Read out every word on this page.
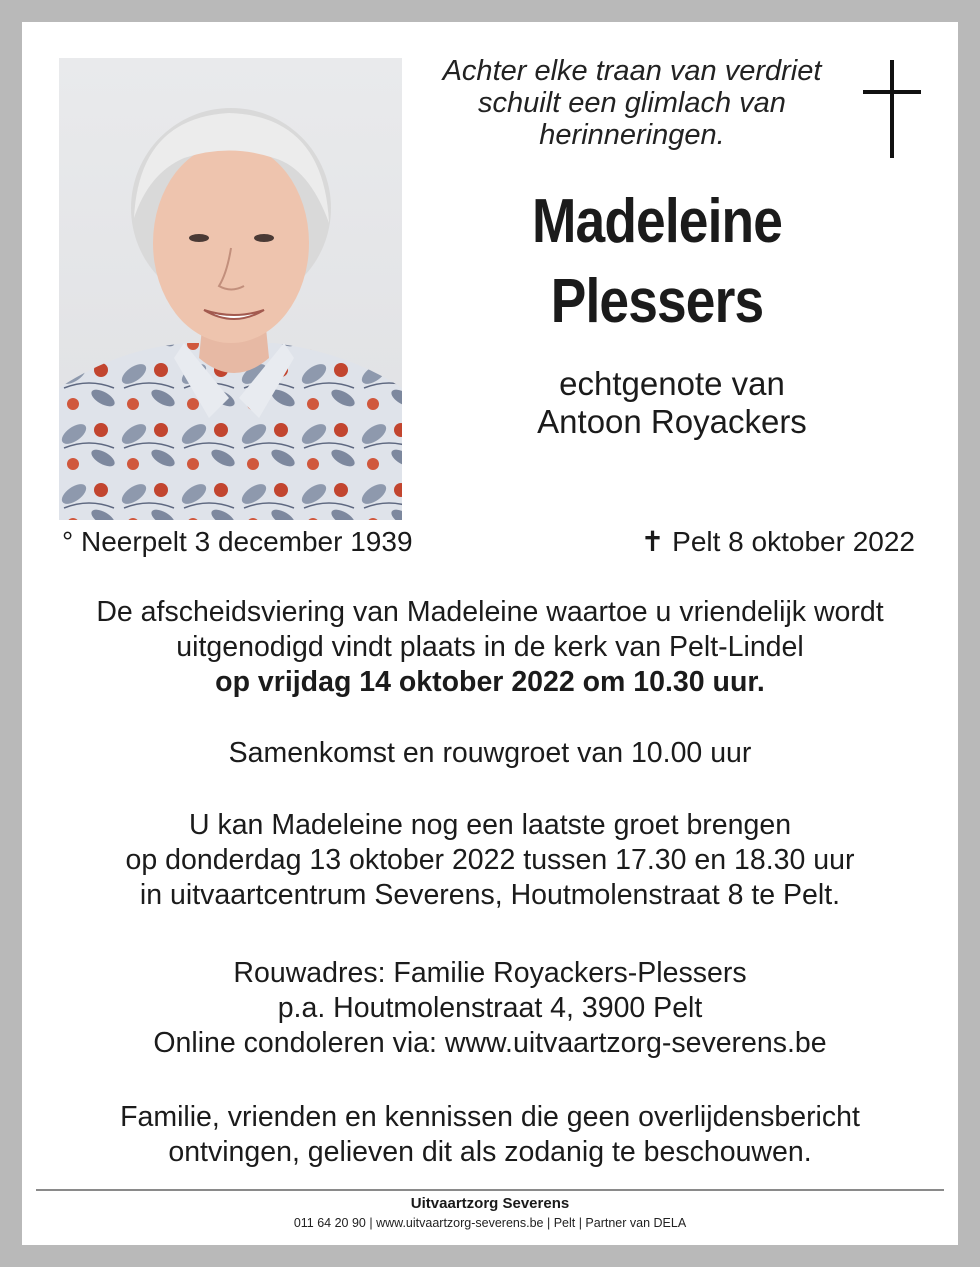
Achter elke traan van verdriet
schuilt een glimlach van
herinneringen.
Madeleine
Plessers
echtgenote van
Antoon Royackers
° Neerpelt 3 december 1939	✝ Pelt 8 oktober 2022

De afscheidsviering van Madeleine waartoe u vriendelijk wordt

uitgenodigd vindt plaats in de kerk van Pelt-Lindel

op vrijdag 14 oktober 2022 om 10.30 uur.

Samenkomst en rouwgroet van 10.00 uur

U kan Madeleine nog een laatste groet brengen

op donderdag 13 oktober 2022 tussen 17.30 en 18.30 uur

in uitvaartcentrum Severens, Houtmolenstraat 8 te Pelt.

Rouwadres: Familie Royackers-Plessers

p.a. Houtmolenstraat 4, 3900 Pelt

Online condoleren via: www.uitvaartzorg-severens.be

Familie, vrienden en kennissen die geen overlijdensbericht

ontvingen, gelieven dit als zodanig te beschouwen.

Uitvaartzorg Severens
011 64 20 90 | www.uitvaartzorg-severens.be | Pelt | Partner van DELA
